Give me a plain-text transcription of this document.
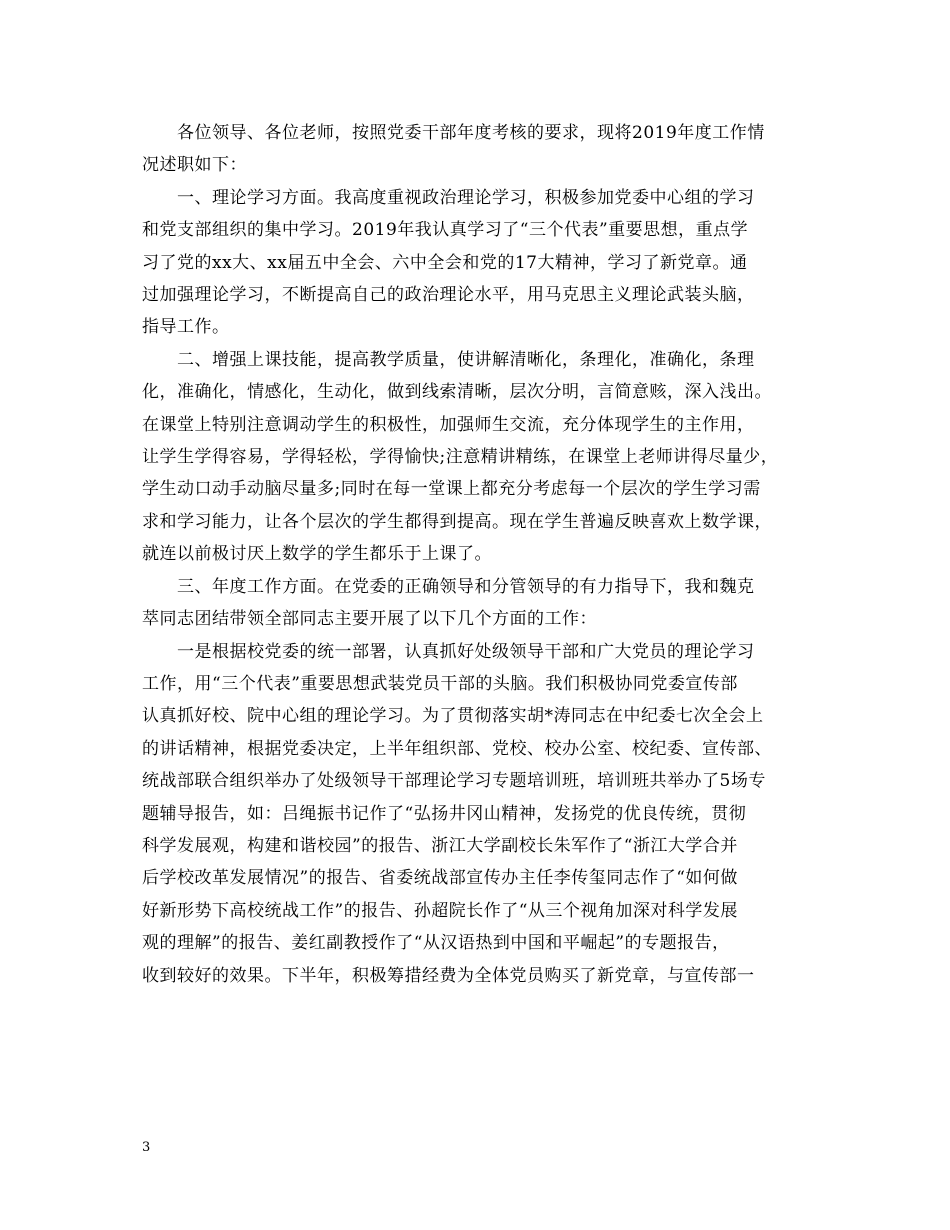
各位领导、各位老师，按照党委干部年度考核的要求，现将2019年度工作情
况述职如下：

一、理论学习方面。我高度重视政治理论学习，积极参加党委中心组的学习
和党支部组织的集中学习。2019年我认真学习了“三个代表”重要思想，重点学
习了党的xx大、xx届五中全会、六中全会和党的17大精神，学习了新党章。通
过加强理论学习，不断提高自己的政治理论水平，用马克思主义理论武装头脑，
指导工作。

二、增强上课技能，提高教学质量，使讲解清晰化，条理化，准确化，条理
化，准确化，情感化，生动化，做到线索清晰，层次分明，言简意赅，深入浅出。
在课堂上特别注意调动学生的积极性，加强师生交流，充分体现学生的主作用，
让学生学得容易，学得轻松，学得愉快;注意精讲精练，在课堂上老师讲得尽量少，
学生动口动手动脑尽量多;同时在每一堂课上都充分考虑每一个层次的学生学习需
求和学习能力，让各个层次的学生都得到提高。现在学生普遍反映喜欢上数学课，
就连以前极讨厌上数学的学生都乐于上课了。

三、年度工作方面。在党委的正确领导和分管领导的有力指导下，我和魏克
萃同志团结带领全部同志主要开展了以下几个方面的工作：

一是根据校党委的统一部署，认真抓好处级领导干部和广大党员的理论学习
工作，用“三个代表”重要思想武装党员干部的头脑。我们积极协同党委宣传部
认真抓好校、院中心组的理论学习。为了贯彻落实胡*涛同志在中纪委七次全会上
的讲话精神，根据党委决定，上半年组织部、党校、校办公室、校纪委、宣传部、
统战部联合组织举办了处级领导干部理论学习专题培训班，培训班共举办了5场专
题辅导报告，如：吕绳振书记作了“弘扬井冈山精神，发扬党的优良传统，贯彻
科学发展观，构建和谐校园”的报告、浙江大学副校长朱军作了“浙江大学合并
后学校改革发展情况”的报告、省委统战部宣传办主任李传玺同志作了“如何做
好新形势下高校统战工作”的报告、孙超院长作了“从三个视角加深对科学发展
观的理解”的报告、姜红副教授作了“从汉语热到中国和平崛起”的专题报告，
收到较好的效果。下半年，积极筹措经费为全体党员购买了新党章，与宣传部一

3
